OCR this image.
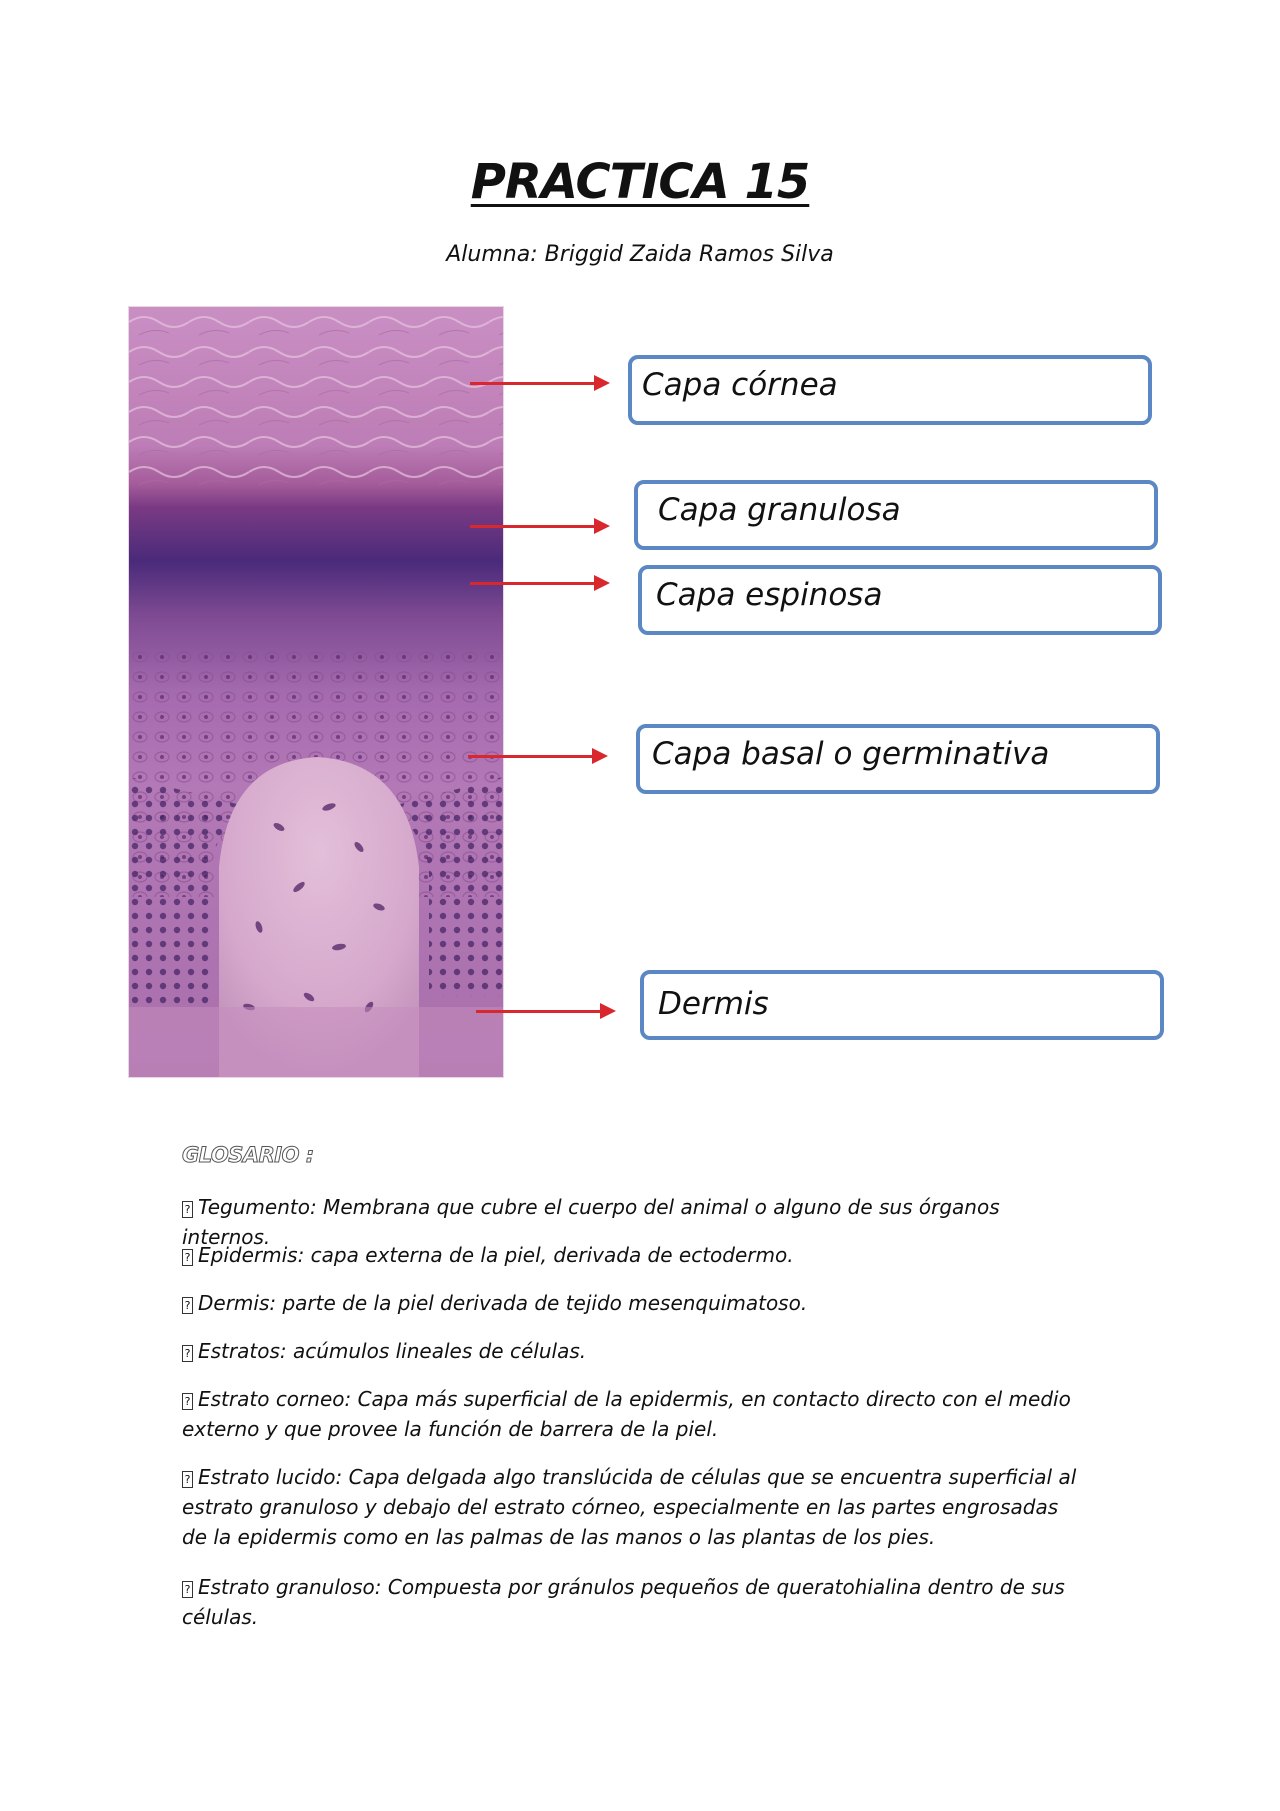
PRACTICA 15
Alumna: Briggid Zaida Ramos Silva
Capa córnea
Capa granulosa
Capa espinosa
Capa basal o germinativa
Dermis
GLOSARIO :

? Tegumento: Membrana que cubre el cuerpo del animal o alguno de sus órganos internos.

? Epidermis: capa externa de la piel, derivada de ectodermo.

? Dermis: parte de la piel derivada de tejido mesenquimatoso.

? Estratos: acúmulos lineales de células.

? Estrato corneo: Capa más superficial de la epidermis, en contacto directo con el medio externo y que provee la función de barrera de la piel.

? Estrato lucido: Capa delgada algo translúcida de células que se encuentra superficial al estrato granuloso y debajo del estrato córneo, especialmente en las partes engrosadas de la epidermis como en las palmas de las manos o las plantas de los pies.

? Estrato granuloso: Compuesta por gránulos pequeños de queratohialina dentro de sus células.
